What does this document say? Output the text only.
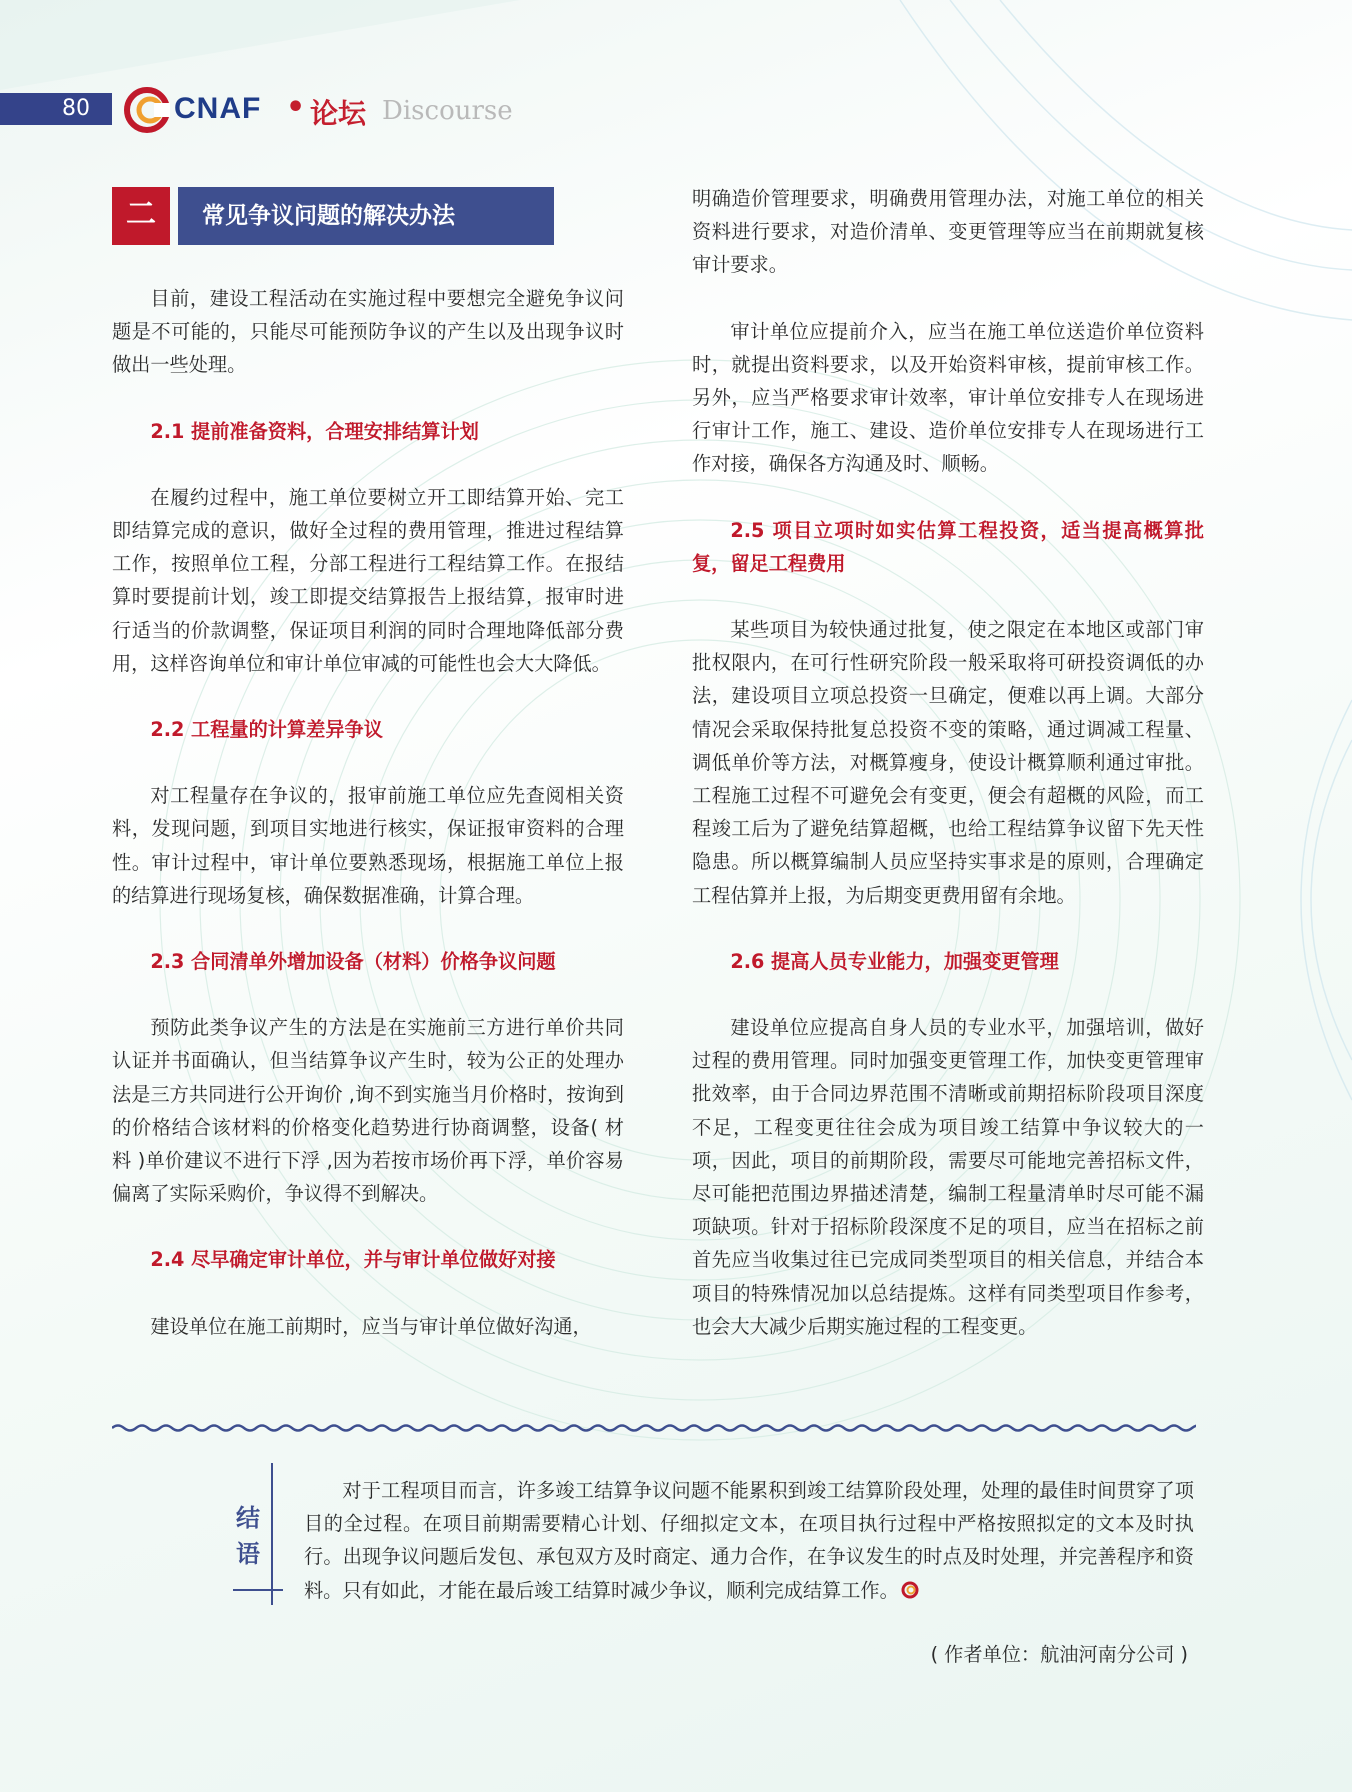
80	CNAF • 论坛 Discourse
二	常见争议问题的解决办法

目前，建设工程活动在实施过程中要想完全避免争议问题是不可能的，只能尽可能预防争议的产生以及出现争议时做出一些处理。

2.1 提前准备资料，合理安排结算计划

在履约过程中，施工单位要树立开工即结算开始、完工即结算完成的意识，做好全过程的费用管理，推进过程结算工作，按照单位工程，分部工程进行工程结算工作。在报结算时要提前计划，竣工即提交结算报告上报结算，报审时进行适当的价款调整，保证项目利润的同时合理地降低部分费用，这样咨询单位和审计单位审减的可能性也会大大降低。

2.2 工程量的计算差异争议

对工程量存在争议的，报审前施工单位应先查阅相关资料，发现问题，到项目实地进行核实，保证报审资料的合理性。审计过程中，审计单位要熟悉现场，根据施工单位上报的结算进行现场复核，确保数据准确，计算合理。

2.3 合同清单外增加设备（材料）价格争议问题

预防此类争议产生的方法是在实施前三方进行单价共同认证并书面确认，但当结算争议产生时，较为公正的处理办法是三方共同进行公开询价 ,询不到实施当月价格时，按询到的价格结合该材料的价格变化趋势进行协商调整，设备( 材料 )单价建议不进行下浮 ,因为若按市场价再下浮，单价容易偏离了实际采购价，争议得不到解决。

2.4 尽早确定审计单位，并与审计单位做好对接

建设单位在施工前期时，应当与审计单位做好沟通，

明确造价管理要求，明确费用管理办法，对施工单位的相关资料进行要求，对造价清单、变更管理等应当在前期就复核审计要求。

审计单位应提前介入，应当在施工单位送造价单位资料时，就提出资料要求，以及开始资料审核，提前审核工作。另外，应当严格要求审计效率，审计单位安排专人在现场进行审计工作，施工、建设、造价单位安排专人在现场进行工作对接，确保各方沟通及时、顺畅。

2.5 项目立项时如实估算工程投资，适当提高概算批复，留足工程费用

某些项目为较快通过批复，使之限定在本地区或部门审批权限内，在可行性研究阶段一般采取将可研投资调低的办法，建设项目立项总投资一旦确定，便难以再上调。大部分情况会采取保持批复总投资不变的策略，通过调减工程量、调低单价等方法，对概算瘦身，使设计概算顺利通过审批。工程施工过程不可避免会有变更，便会有超概的风险，而工程竣工后为了避免结算超概，也给工程结算争议留下先天性隐患。所以概算编制人员应坚持实事求是的原则，合理确定工程估算并上报，为后期变更费用留有余地。

2.6 提高人员专业能力，加强变更管理

建设单位应提高自身人员的专业水平，加强培训，做好过程的费用管理。同时加强变更管理工作，加快变更管理审批效率，由于合同边界范围不清晰或前期招标阶段项目深度不足，工程变更往往会成为项目竣工结算中争议较大的一项，因此，项目的前期阶段，需要尽可能地完善招标文件，尽可能把范围边界描述清楚，编制工程量清单时尽可能不漏项缺项。针对于招标阶段深度不足的项目，应当在招标之前首先应当收集过往已完成同类型项目的相关信息，并结合本项目的特殊情况加以总结提炼。这样有同类型项目作参考，也会大大减少后期实施过程的工程变更。

结
语

对于工程项目而言，许多竣工结算争议问题不能累积到竣工结算阶段处理，处理的最佳时间贯穿了项目的全过程。在项目前期需要精心计划、仔细拟定文本，在项目执行过程中严格按照拟定的文本及时执行。出现争议问题后发包、承包双方及时商定、通力合作，在争议发生的时点及时处理，并完善程序和资料。只有如此，才能在最后竣工结算时减少争议，顺利完成结算工作。

( 作者单位：航油河南分公司 )
